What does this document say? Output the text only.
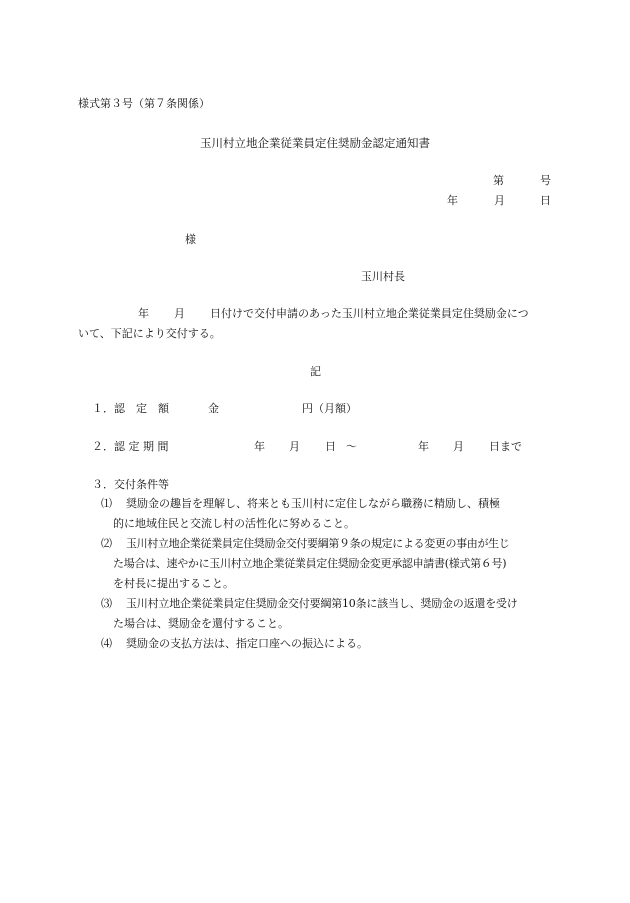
様式第３号（第７条関係）
玉川村立地企業従業員定住奨励金認定通知書
第	号
年	月	日
様
玉川村長
年 月 日付けで交付申請のあった玉川村立地企業従業員定住奨励金につ
いて、下記により交付する。
記
１． 認　定　額	金	円（月額）
２． 認 定 期 間	年 月 日 ～	年 月 日まで
３．交付条件等
⑴ 奨励金の趣旨を理解し、将来とも玉川村に定住しながら職務に精励し、積極
的に地域住民と交流し村の活性化に努めること。
⑵ 玉川村立地企業従業員定住奨励金交付要綱第９条の規定による変更の事由が生じ
た場合は、速やかに玉川村立地企業従業員定住奨励金変更承認申請書(様式第６号)
を村長に提出すること。
⑶ 玉川村立地企業従業員定住奨励金交付要綱第10条に該当し、奨励金の返還を受け
た場合は、奨励金を還付すること。
⑷ 奨励金の支払方法は、指定口座への振込による。
